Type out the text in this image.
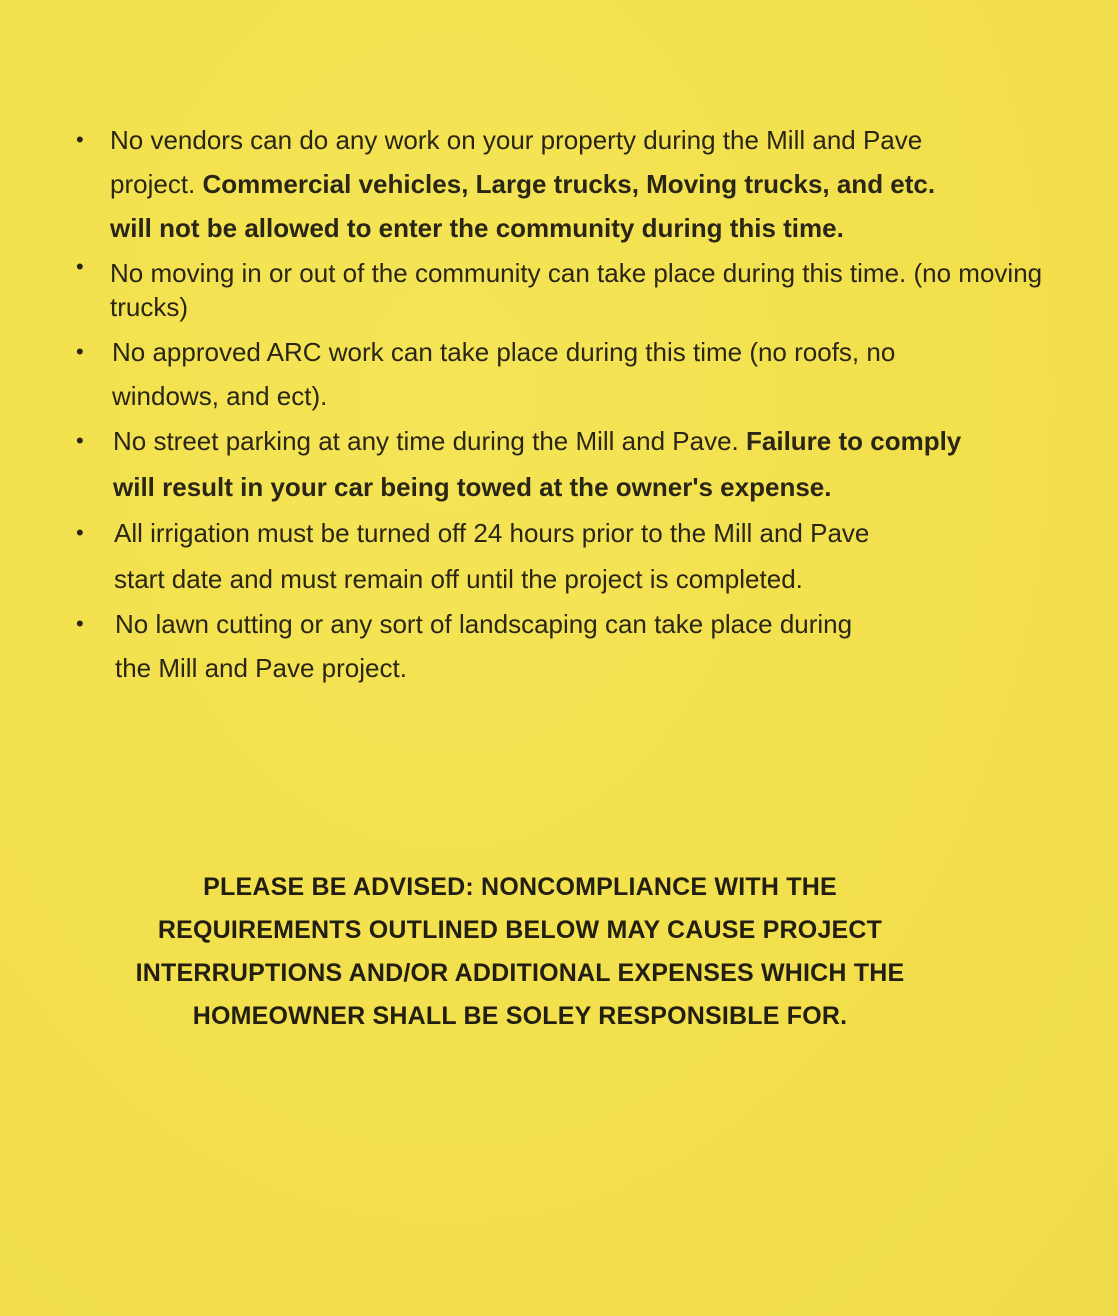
• No vendors can do any work on your property during the Mill and Pave project. Commercial vehicles, Large trucks, Moving trucks, and etc. will not be allowed to enter the community during this time.
• No moving in or out of the community can take place during this time. (no moving trucks)
• No approved ARC work can take place during this time (no roofs, no windows, and ect).
• No street parking at any time during the Mill and Pave. Failure to comply will result in your car being towed at the owner's expense.
• All irrigation must be turned off 24 hours prior to the Mill and Pave start date and must remain off until the project is completed.
• No lawn cutting or any sort of landscaping can take place during the Mill and Pave project.
PLEASE BE ADVISED: NONCOMPLIANCE WITH THE
REQUIREMENTS OUTLINED BELOW MAY CAUSE PROJECT
INTERRUPTIONS AND/OR ADDITIONAL EXPENSES WHICH THE
HOMEOWNER SHALL BE SOLEY RESPONSIBLE FOR.
